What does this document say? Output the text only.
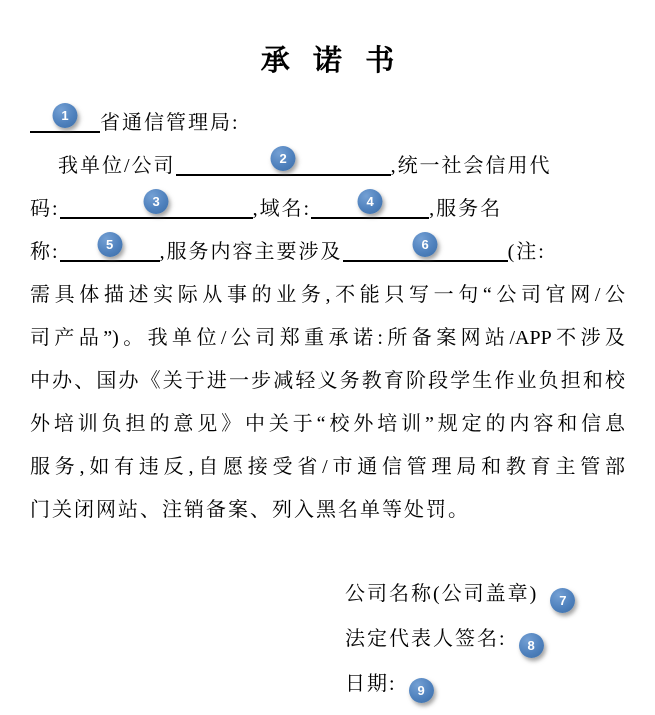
承 诺 书
1	省通信管理局:
我单位/公司	2	,统一社会信用代
码:	3	,域名:	4	,服务名
称:	5	,服务内容主要涉及	6	(注:
需具体描述实际从事的业务,不能只写一句“公司官网/公
司产品”)。我单位/公司郑重承诺:所备案网站/APP不涉及
中办、国办《关于进一步减轻义务教育阶段学生作业负担和校
外培训负担的意见》中关于“校外培训”规定的内容和信息
服务,如有违反,自愿接受省/市通信管理局和教育主管部
门关闭网站、注销备案、列入黑名单等处罚。
公司名称(公司盖章) 7
法定代表人签名: 8
日期: 9
